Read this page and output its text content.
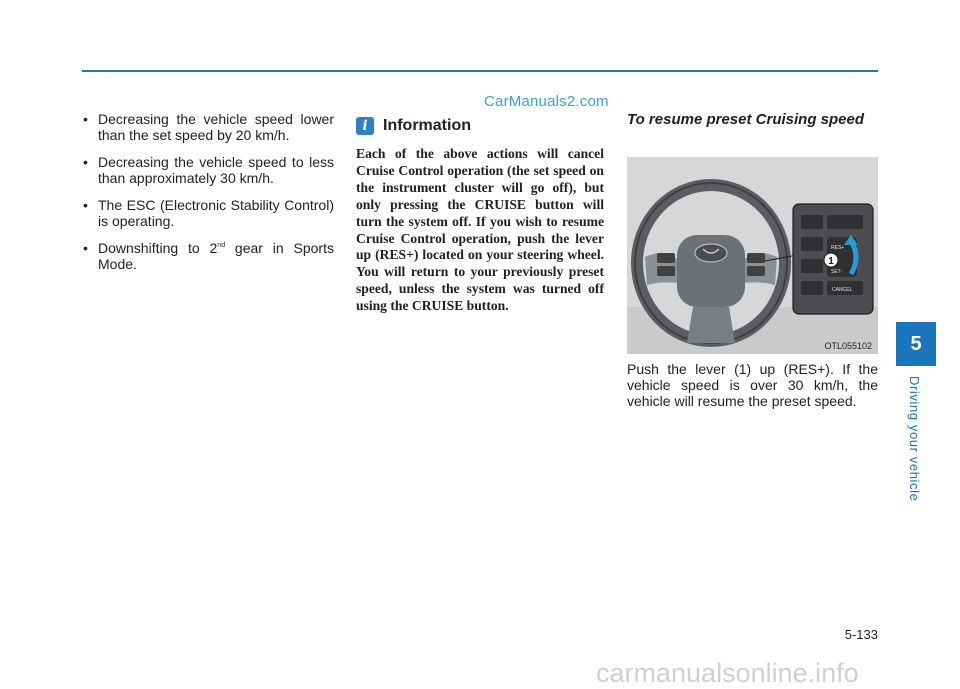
CarManuals2.com
• Decreasing the vehicle speed lower than the set speed by 20 km/h.
• Decreasing the vehicle speed to less than approximately 30 km/h.
• The ESC (Electronic Stability Control) is operating.
• Downshifting to 2nd gear in Sports Mode.
i Information
Each of the above actions will cancel Cruise Control operation (the set speed on the instrument cluster will go off), but only pressing the CRUISE button will turn the system off. If you wish to resume Cruise Control operation, push the lever up (RES+) located on your steering wheel. You will return to your previously preset speed, unless the system was turned off using the CRUISE button.

To resume preset Cruising speed

CANCEL
RES+
SET-
1
OTL055102
Push the lever (1) up (RES+). If the vehicle speed is over 30 km/h, the vehicle will resume the preset speed.
5
Driving your vehicle
5-133
carmanualsonline.info
